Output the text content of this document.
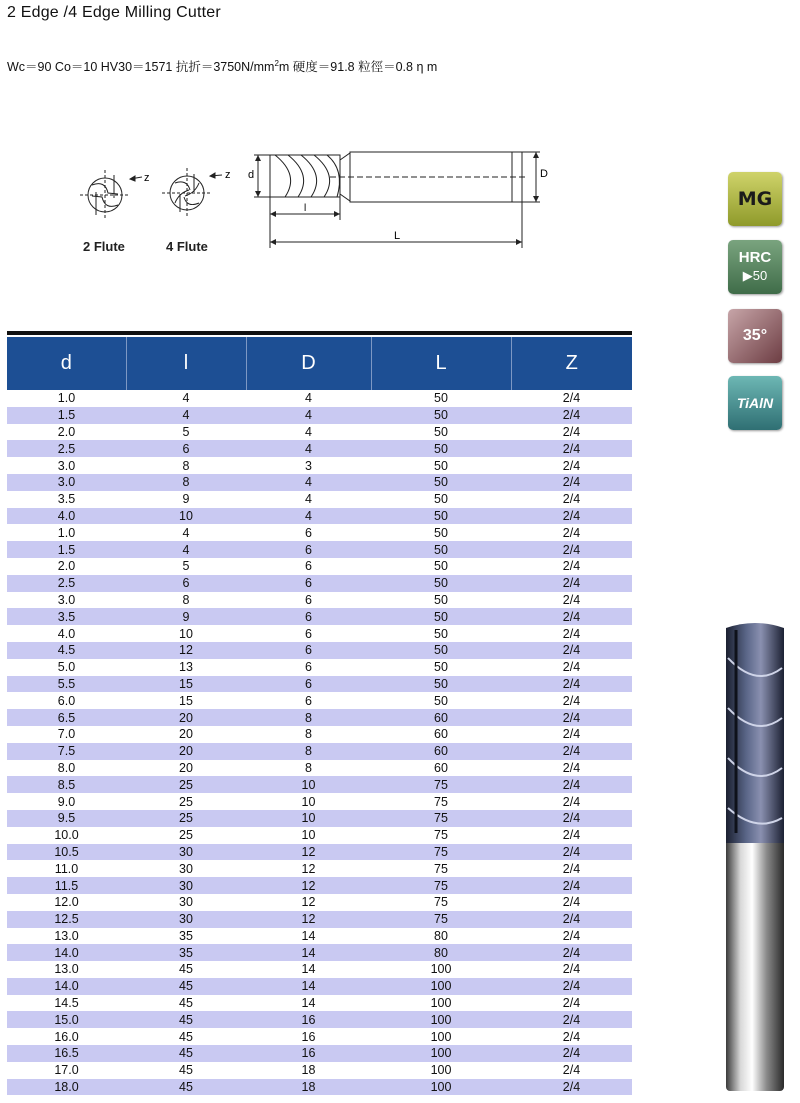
2 Edge /4 Edge Milling Cutter
Wc＝90 Co＝10 HV30＝1571 抗折$=3750N/mm^2m$ 硬度＝91.8 粒徑＝0.8 η m
z	z d	D
l
L
2 Flute	4 Flute
MG
HRC
▶50
35°
TiAlN
d	l	D	L	Z
1.0	4	4	50	2/4
1.5	4	4	50	2/4
2.0	5	4	50	2/4
2.5	6	4	50	2/4
3.0	8	3	50	2/4
3.0	8	4	50	2/4
3.5	9	4	50	2/4
4.0	10	4	50	2/4
1.0	4	6	50	2/4
1.5	4	6	50	2/4
2.0	5	6	50	2/4
2.5	6	6	50	2/4
3.0	8	6	50	2/4
3.5	9	6	50	2/4
4.0	10	6	50	2/4
4.5	12	6	50	2/4
5.0	13	6	50	2/4
5.5	15	6	50	2/4
6.0	15	6	50	2/4
6.5	20	8	60	2/4
7.0	20	8	60	2/4
7.5	20	8	60	2/4
8.0	20	8	60	2/4
8.5	25	10	75	2/4
9.0	25	10	75	2/4
9.5	25	10	75	2/4
10.0	25	10	75	2/4
10.5	30	12	75	2/4
11.0	30	12	75	2/4
11.5	30	12	75	2/4
12.0	30	12	75	2/4
12.5	30	12	75	2/4
13.0	35	14	80	2/4
14.0	35	14	80	2/4
13.0	45	14	100	2/4
14.0	45	14	100	2/4
14.5	45	14	100	2/4
15.0	45	16	100	2/4
16.0	45	16	100	2/4
16.5	45	16	100	2/4
17.0	45	18	100	2/4
18.0	45	18	100	2/4
